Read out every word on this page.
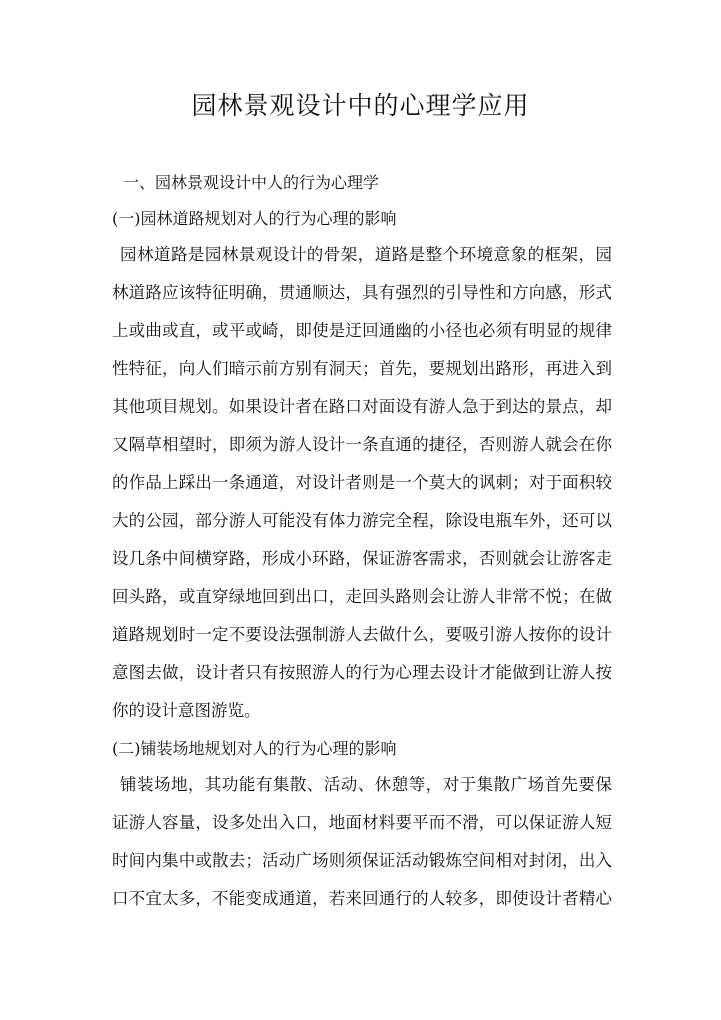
园林景观设计中的心理学应用
一、园林景观设计中人的行为心理学
(一)园林道路规划对人的行为心理的影响
园林道路是园林景观设计的骨架，道路是整个环境意象的框架，园
林道路应该特征明确，贯通顺达，具有强烈的引导性和方向感，形式
上或曲或直，或平或崎，即使是迂回通幽的小径也必须有明显的规律
性特征，向人们暗示前方别有洞天；首先，要规划出路形，再进入到
其他项目规划。如果设计者在路口对面设有游人急于到达的景点，却
又隔草相望时，即须为游人设计一条直通的捷径，否则游人就会在你
的作品上踩出一条通道，对设计者则是一个莫大的讽刺；对于面积较
大的公园，部分游人可能没有体力游完全程，除设电瓶车外，还可以
设几条中间横穿路，形成小环路，保证游客需求，否则就会让游客走
回头路，或直穿绿地回到出口，走回头路则会让游人非常不悦；在做
道路规划时一定不要设法强制游人去做什么，要吸引游人按你的设计
意图去做，设计者只有按照游人的行为心理去设计才能做到让游人按
你的设计意图游览。
(二)铺装场地规划对人的行为心理的影响
铺装场地，其功能有集散、活动、休憩等，对于集散广场首先要保
证游人容量，设多处出入口，地面材料要平而不滑，可以保证游人短
时间内集中或散去；活动广场则须保证活动锻炼空间相对封闭，出入
口不宜太多，不能变成通道，若来回通行的人较多，即使设计者精心
